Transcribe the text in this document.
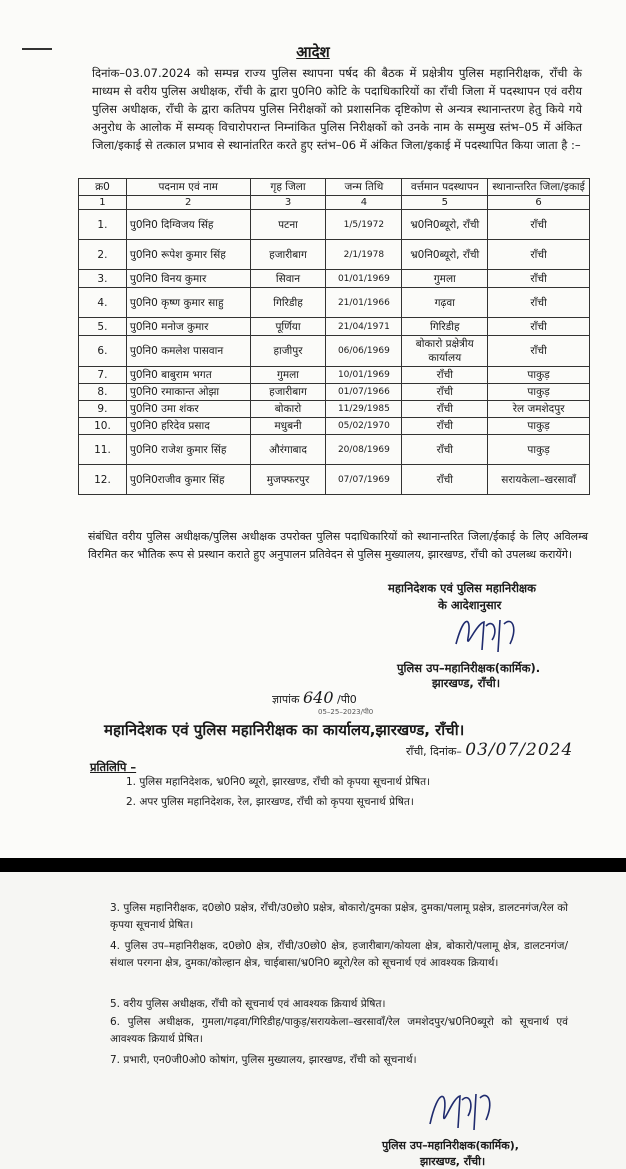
आदेश
दिनांक–03.07.2024 को सम्पन्न राज्य पुलिस स्थापना पर्षद की बैठक में प्रक्षेत्रीय पुलिस महानिरीक्षक, राँची के माध्यम से वरीय पुलिस अधीक्षक, राँची के द्वारा पु0नि0 कोटि के पदाधिकारियों का राँची जिला में पदस्थापन एवं वरीय पुलिस अधीक्षक, राँची के द्वारा कतिपय पुलिस निरीक्षकों को प्रशासनिक दृष्टिकोण से अन्यत्र स्थानान्तरण हेतु किये गये अनुरोध के आलोक में सम्यक् विचारोपरान्त निम्नांकित पुलिस निरीक्षकों को उनके नाम के सम्मुख स्तंभ–05 में अंकित जिला/इकाई से तत्काल प्रभाव से स्थानांतरित करते हुए स्तंभ–06 में अंकित जिला/इकाई में पदस्थापित किया जाता है :–
क्र0	पदनाम एवं नाम	गृह जिला	जन्म तिथि	वर्त्तमान पदस्थापन	स्थानान्तरित जिला/इकाई
1	2	3	4	5	6
1.	पु0नि0 दिग्विजय सिंह	पटना	1/5/1972	भ्र0नि0ब्यूरो, राँची	राँची
2.	पु0नि0 रूपेश कुमार सिंह	हजारीबाग	2/1/1978	भ्र0नि0ब्यूरो, राँची	राँची
3.	पु0नि0 विनय कुमार	सिवान	01/01/1969	गुमला	राँची
4.	पु0नि0 कृष्ण कुमार साहु	गिरिडीह	21/01/1966	गढ़वा	राँची
5.	पु0नि0 मनोज कुमार	पूर्णिया	21/04/1971	गिरिडीह	राँची
6.	पु0नि0 कमलेश पासवान	हाजीपुर	06/06/1969	बोकारो प्रक्षेत्रीय कार्यालय	राँची
7.	पु0नि0 बाबुराम भगत	गुमला	10/01/1969	राँची	पाकुड़
8.	पु0नि0 रमाकान्त ओझा	हजारीबाग	01/07/1966	राँची	पाकुड़
9.	पु0नि0 उमा शंकर	बोकारो	11/29/1985	राँची	रेल जमशेदपुर
10.	पु0नि0 हरिदेव प्रसाद	मधुबनी	05/02/1970	राँची	पाकुड़
11.	पु0नि0 राजेश कुमार सिंह	औरंगाबाद	20/08/1969	राँची	पाकुड़
12.	पु0नि0राजीव कुमार सिंह	मुजफ्फरपुर	07/07/1969	राँची	सरायकेला–खरसावाँ
संबंधित वरीय पुलिस अधीक्षक/पुलिस अधीक्षक उपरोक्त पुलिस पदाधिकारियों को स्थानान्तरित जिला/ईकाई के लिए अविलम्ब विरमित कर भौतिक रूप से प्रस्थान कराते हुए अनुपालन प्रतिवेदन से पुलिस मुख्यालय, झारखण्ड, राँची को उपलब्ध करायेंगे।
महानिदेशक एवं पुलिस महानिरीक्षक
के आदेशानुसार
पुलिस उप–महानिरीक्षक(कार्मिक).
झारखण्ड, राँची।
ज्ञापांक 640 /पी0
05–25–2023/पी0
महानिदेशक एवं पुलिस महानिरीक्षक का कार्यालय,झारखण्ड, राँची।
राँची, दिनांक– 03/07/2024
प्रतिलिपि –
1. पुलिस महानिदेशक, भ्र0नि0 ब्यूरो, झारखण्ड, राँची को कृपया सूचनार्थ प्रेषित।
2. अपर पुलिस महानिदेशक, रेल, झारखण्ड, राँची को कृपया सूचनार्थ प्रेषित।
3. पुलिस महानिरीक्षक, द0छो0 प्रक्षेत्र, राँची/उ0छो0 प्रक्षेत्र, बोकारो/दुमका प्रक्षेत्र, दुमका/पलामू प्रक्षेत्र, डालटनगंज/रेल को कृपया सूचनार्थ प्रेषित।
4. पुलिस उप–महानिरीक्षक, द0छो0 क्षेत्र, राँची/उ0छो0 क्षेत्र, हजारीबाग/कोयला क्षेत्र, बोकारो/पलामू क्षेत्र, डालटनगंज/संथाल परगना क्षेत्र, दुमका/कोल्हान क्षेत्र, चाईबासा/भ्र0नि0 ब्यूरो/रेल को सूचनार्थ एवं आवश्यक क्रियार्थ।
5. वरीय पुलिस अधीक्षक, राँची को सूचनार्थ एवं आवश्यक क्रियार्थ प्रेषित।
6. पुलिस अधीक्षक, गुमला/गढ़वा/गिरिडीह/पाकुड़/सरायकेला–खरसावाँ/रेल जमशेदपुर/भ्र0नि0ब्यूरो को सूचनार्थ एवं आवश्यक क्रियार्थ प्रेषित।
7. प्रभारी, एन0जी0ओ0 कोषांग, पुलिस मुख्यालय, झारखण्ड, राँची को सूचनार्थ।
पुलिस उप–महानिरीक्षक(कार्मिक),
झारखण्ड, राँची।
